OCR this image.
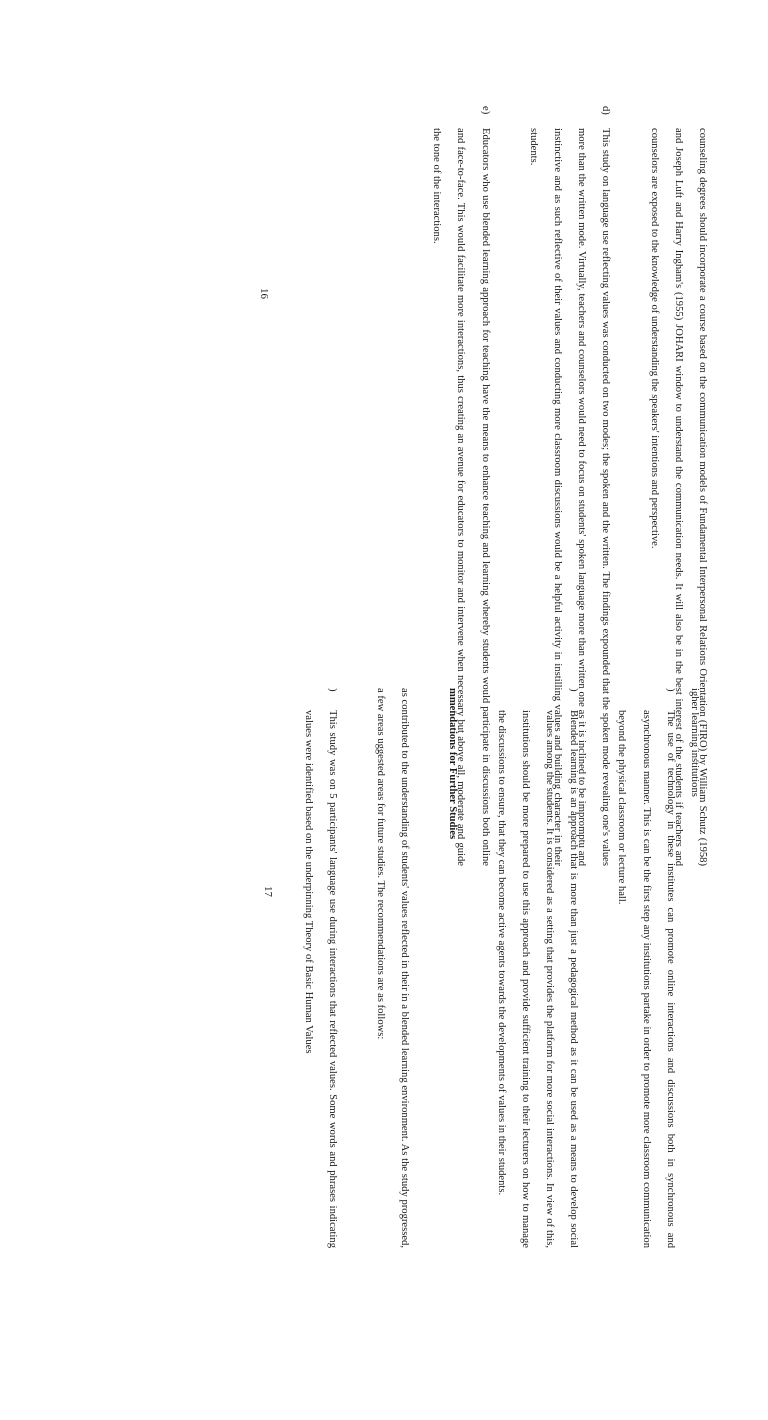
counseling degrees should incorporate a course based on the communication models of Fundamental Interpersonal Relations Orientation (FIRO) by William Schutz (1958) and Joseph Luft and Harry Ingham's (1955) JOHARI window to understand the communication needs. It will also be in the best interest of the students if teachers and counselors are exposed to the knowledge of understanding the speakers' intentions and perspective.

d)
This study on language use reflecting values was conducted on two modes; the spoken and the written. The findings expounded that the spoken mode revealing one's values more than the written mode. Virtually, teachers and counselors would need to focus on students' spoken language more than written one as it is inclined to be impromptu and instinctive and as such reflective of their values and conducting more classroom discussions would be a helpful activity in instilling values and building character in their students.
e)
Educators who use blended learning approach for teaching have the means to enhance teaching and learning whereby students would participate in discussions both online and face-to-face. This would facilitate more interactions, thus creating an avenue for educators to monitor and intervene when necessary but above all, moderate and guide the tone of the interactions.
16

igher learning institutions

)
The use of technology in these institutes can promote online interactions and discussions both in synchronous and asynchronous manner. This is can be the first step any institutions partake in order to promote more classroom communication beyond the physical classroom or lecture hall.
)
Blended learning is an approach that is more than just a pedagogical method as it can be used as a means to develop social values among the students. It is considered as a setting that provides the platform for more social interactions. In view of this, institutions should be more prepared to use this approach and provide sufficient training to their lecturers on how to manage the discussions to ensure, that they can become active agents towards the developments of values in their students.

mmendations for Further Studies

as contributed to the understanding of students' values reflected in their in a blended learning environment. As the study progressed, a few areas uggested areas for future studies. The recommendations are as follows:

)
This study was on 5 participants' language use during interactions that reflected values. Some words and phrases indicating values were identified based on the underpinning Theory of Basic Human Values
17
